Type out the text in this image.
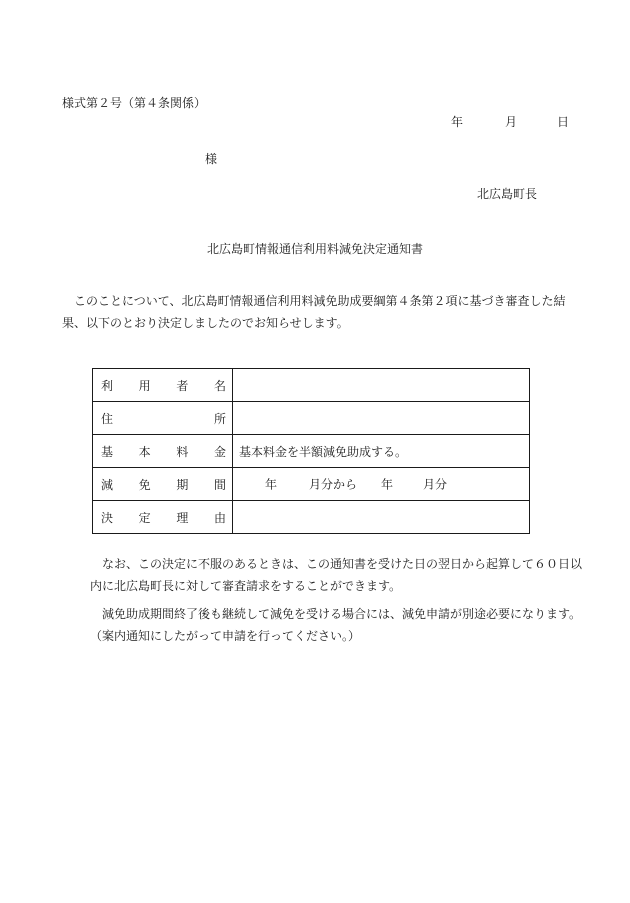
様式第２号（第４条関係）
年	月	日
様
北広島町長
北広島町情報通信利用料減免決定通知書

　このことについて、北広島町情報通信利用料減免助成要綱第４条第２項に基づき審査した結果、以下のとおり決定しましたのでお知らせします。

利 用 者 名	

住 所	

基 本 料 金	基本料金を半額減免助成する。

減 免 期 間	年 月分から 年 月分

決 定 理 由	

　なお、この決定に不服のあるときは、この通知書を受けた日の翌日から起算して６０日以内に北広島町長に対して審査請求をすることができます。

　減免助成期間終了後も継続して減免を受ける場合には、減免申請が別途必要になります。（案内通知にしたがって申請を行ってください。）
